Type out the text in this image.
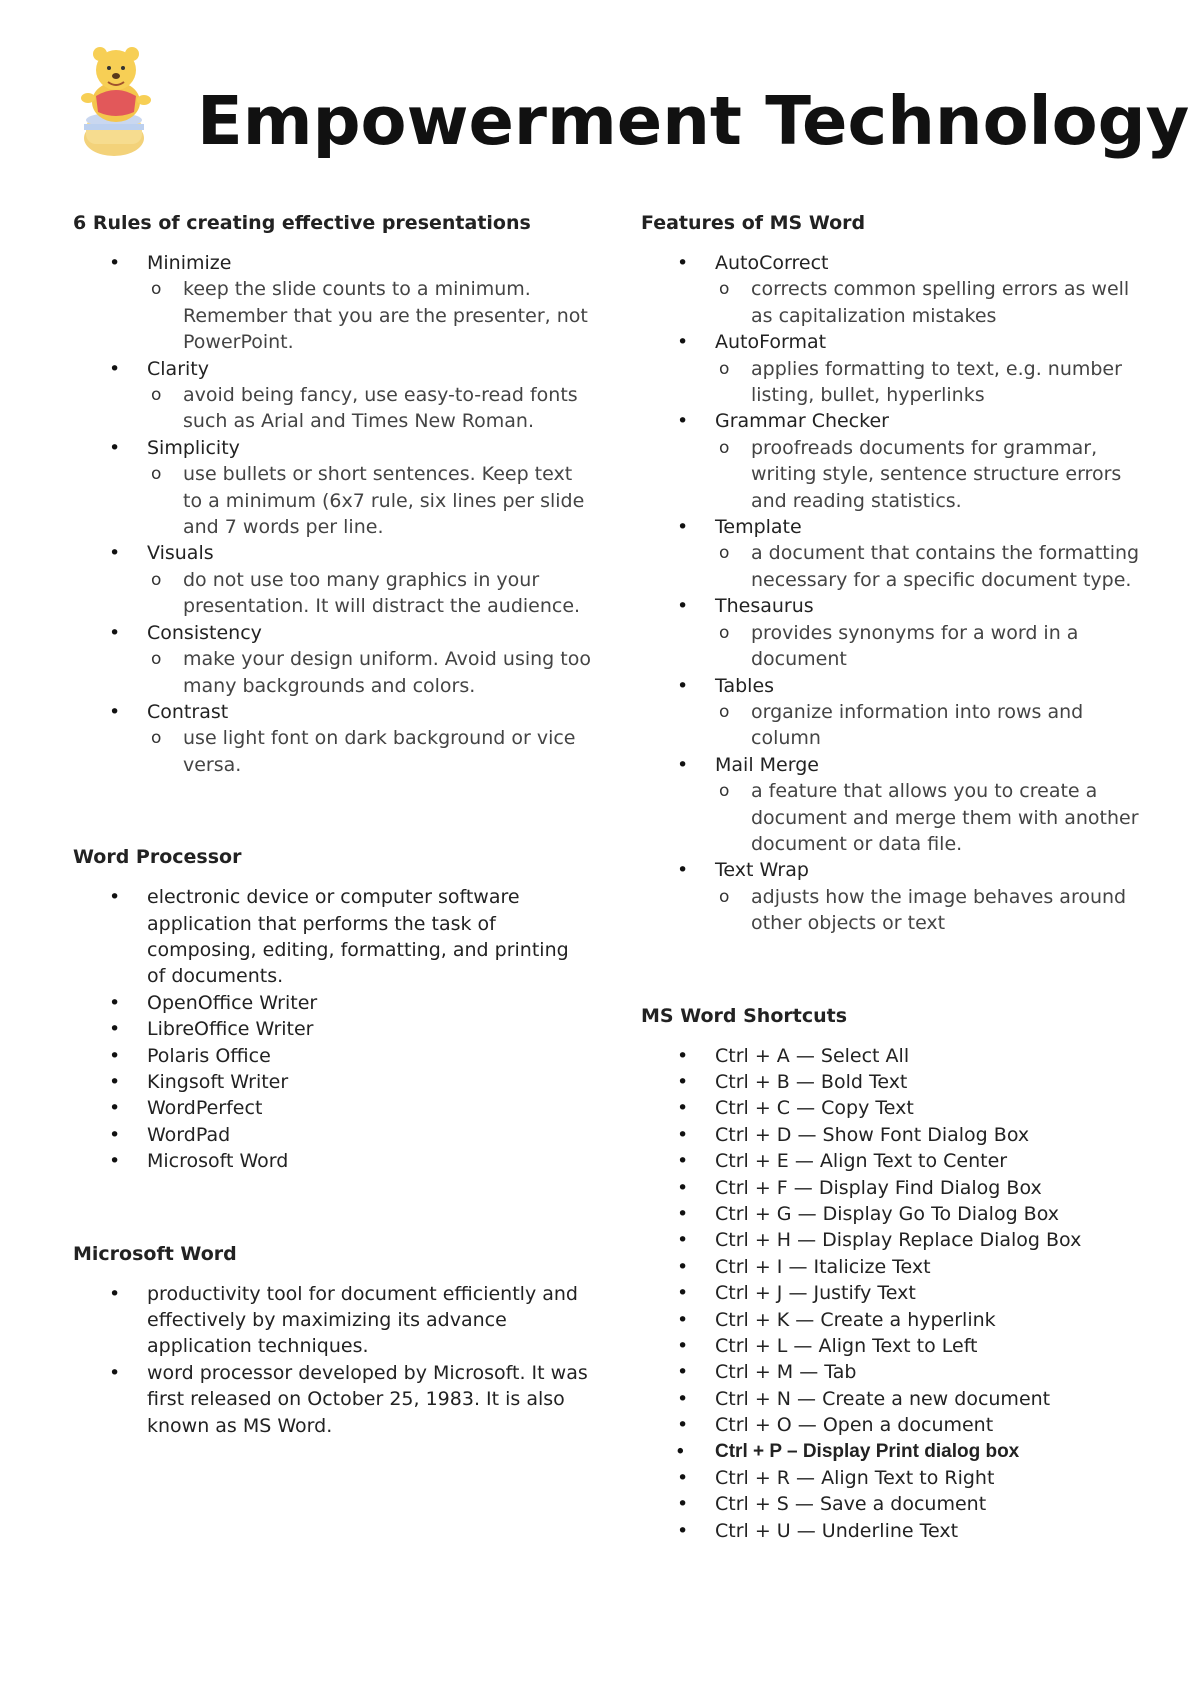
Empowerment Technology
6 Rules of creating effective presentations
• Minimize
o keep the slide counts to a minimum. Remember that you are the presenter, not PowerPoint.
• Clarity
o avoid being fancy, use easy-to-read fonts such as Arial and Times New Roman.
• Simplicity
o use bullets or short sentences. Keep text to a minimum (6x7 rule, six lines per slide and 7 words per line.
• Visuals
o do not use too many graphics in your presentation. It will distract the audience.
• Consistency
o make your design uniform. Avoid using too many backgrounds and colors.
• Contrast
o use light font on dark background or vice versa.
Word Processor
• electronic device or computer software application that performs the task of composing, editing, formatting, and printing of documents.
• OpenOffice Writer
• LibreOffice Writer
• Polaris Office
• Kingsoft Writer
• WordPerfect
• WordPad
• Microsoft Word
Microsoft Word
• productivity tool for document efficiently and effectively by maximizing its advance application techniques.
• word processor developed by Microsoft. It was first released on October 25, 1983. It is also known as MS Word.
Features of MS Word
• AutoCorrect
o corrects common spelling errors as well as capitalization mistakes
• AutoFormat
o applies formatting to text, e.g. number listing, bullet, hyperlinks
• Grammar Checker
o proofreads documents for grammar, writing style, sentence structure errors and reading statistics.
• Template
o a document that contains the formatting necessary for a specific document type.
• Thesaurus
o provides synonyms for a word in a document
• Tables
o organize information into rows and column
• Mail Merge
o a feature that allows you to create a document and merge them with another document or data file.
• Text Wrap
o adjusts how the image behaves around other objects or text
MS Word Shortcuts
• Ctrl + A — Select All
• Ctrl + B — Bold Text
• Ctrl + C — Copy Text
• Ctrl + D — Show Font Dialog Box
• Ctrl + E — Align Text to Center
• Ctrl + F — Display Find Dialog Box
• Ctrl + G — Display Go To Dialog Box
• Ctrl + H — Display Replace Dialog Box
• Ctrl + I — Italicize Text
• Ctrl + J — Justify Text
• Ctrl + K — Create a hyperlink
• Ctrl + L — Align Text to Left
• Ctrl + M — Tab
• Ctrl + N — Create a new document
• Ctrl + O — Open a document
• Ctrl + P – Display Print dialog box
• Ctrl + R — Align Text to Right
• Ctrl + S — Save a document
• Ctrl + U — Underline Text
